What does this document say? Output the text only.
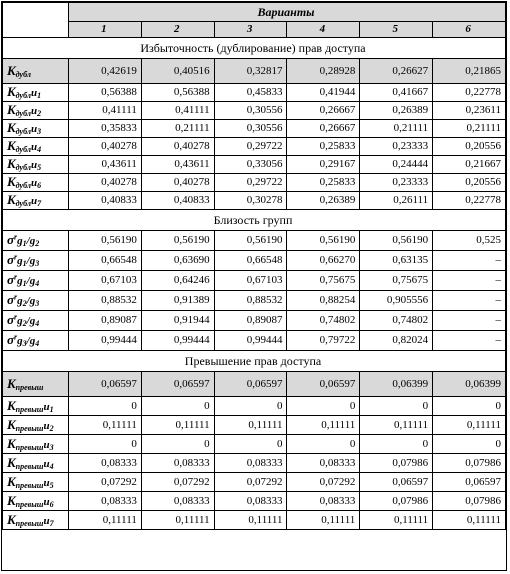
	Варианты					
	1	2	3	4	5	6
Избыточность (дублирование) прав доступа						
$K_{дубл}$	0,42619	0,40516	0,32817	0,28928	0,26627	0,21865
$K_{дубл}u_1$	0,56388	0,56388	0,45833	0,41944	0,41667	0,22778
$K_{дубл}u_2$	0,41111	0,41111	0,30556	0,26667	0,26389	0,23611
$K_{дубл}u_3$	0,35833	0,21111	0,30556	0,26667	0,21111	0,21111
$K_{дубл}u_4$	0,40278	0,40278	0,29722	0,25833	0,23333	0,20556
$K_{дубл}u_5$	0,43611	0,43611	0,33056	0,29167	0,24444	0,21667
$K_{дубл}u_6$	0,40278	0,40278	0,29722	0,25833	0,23333	0,20556
$K_{дубл}u_7$	0,40833	0,40833	0,30278	0,26389	0,26111	0,22778
Близость групп						
$\sigma^rg_1/g_2$	0,56190	0,56190	0,56190	0,56190	0,56190	0,525
$\sigma^rg_1/g_3$	0,66548	0,63690	0,66548	0,66270	0,63135	–
$\sigma^rg_1/g_4$	0,67103	0,64246	0,67103	0,75675	0,75675	–
$\sigma^rg_2/g_3$	0,88532	0,91389	0,88532	0,88254	0,905556	–
$\sigma^rg_2/g_4$	0,89087	0,91944	0,89087	0,74802	0,74802	–
$\sigma^rg_3/g_4$	0,99444	0,99444	0,99444	0,79722	0,82024	–
Превышение прав доступа						
$K_{превыш}$	0,06597	0,06597	0,06597	0,06597	0,06399	0,06399
$K_{превыш}u_1$	0	0	0	0	0	0
$K_{превыш}u_2$	0,11111	0,11111	0,11111	0,11111	0,11111	0,11111
$K_{превыш}u_3$	0	0	0	0	0	0
$K_{превыш}u_4$	0,08333	0,08333	0,08333	0,08333	0,07986	0,07986
$K_{превыш}u_5$	0,07292	0,07292	0,07292	0,07292	0,06597	0,06597
$K_{превыш}u_6$	0,08333	0,08333	0,08333	0,08333	0,07986	0,07986
$K_{превыш}u_7$	0,11111	0,11111	0,11111	0,11111	0,11111	0,11111
